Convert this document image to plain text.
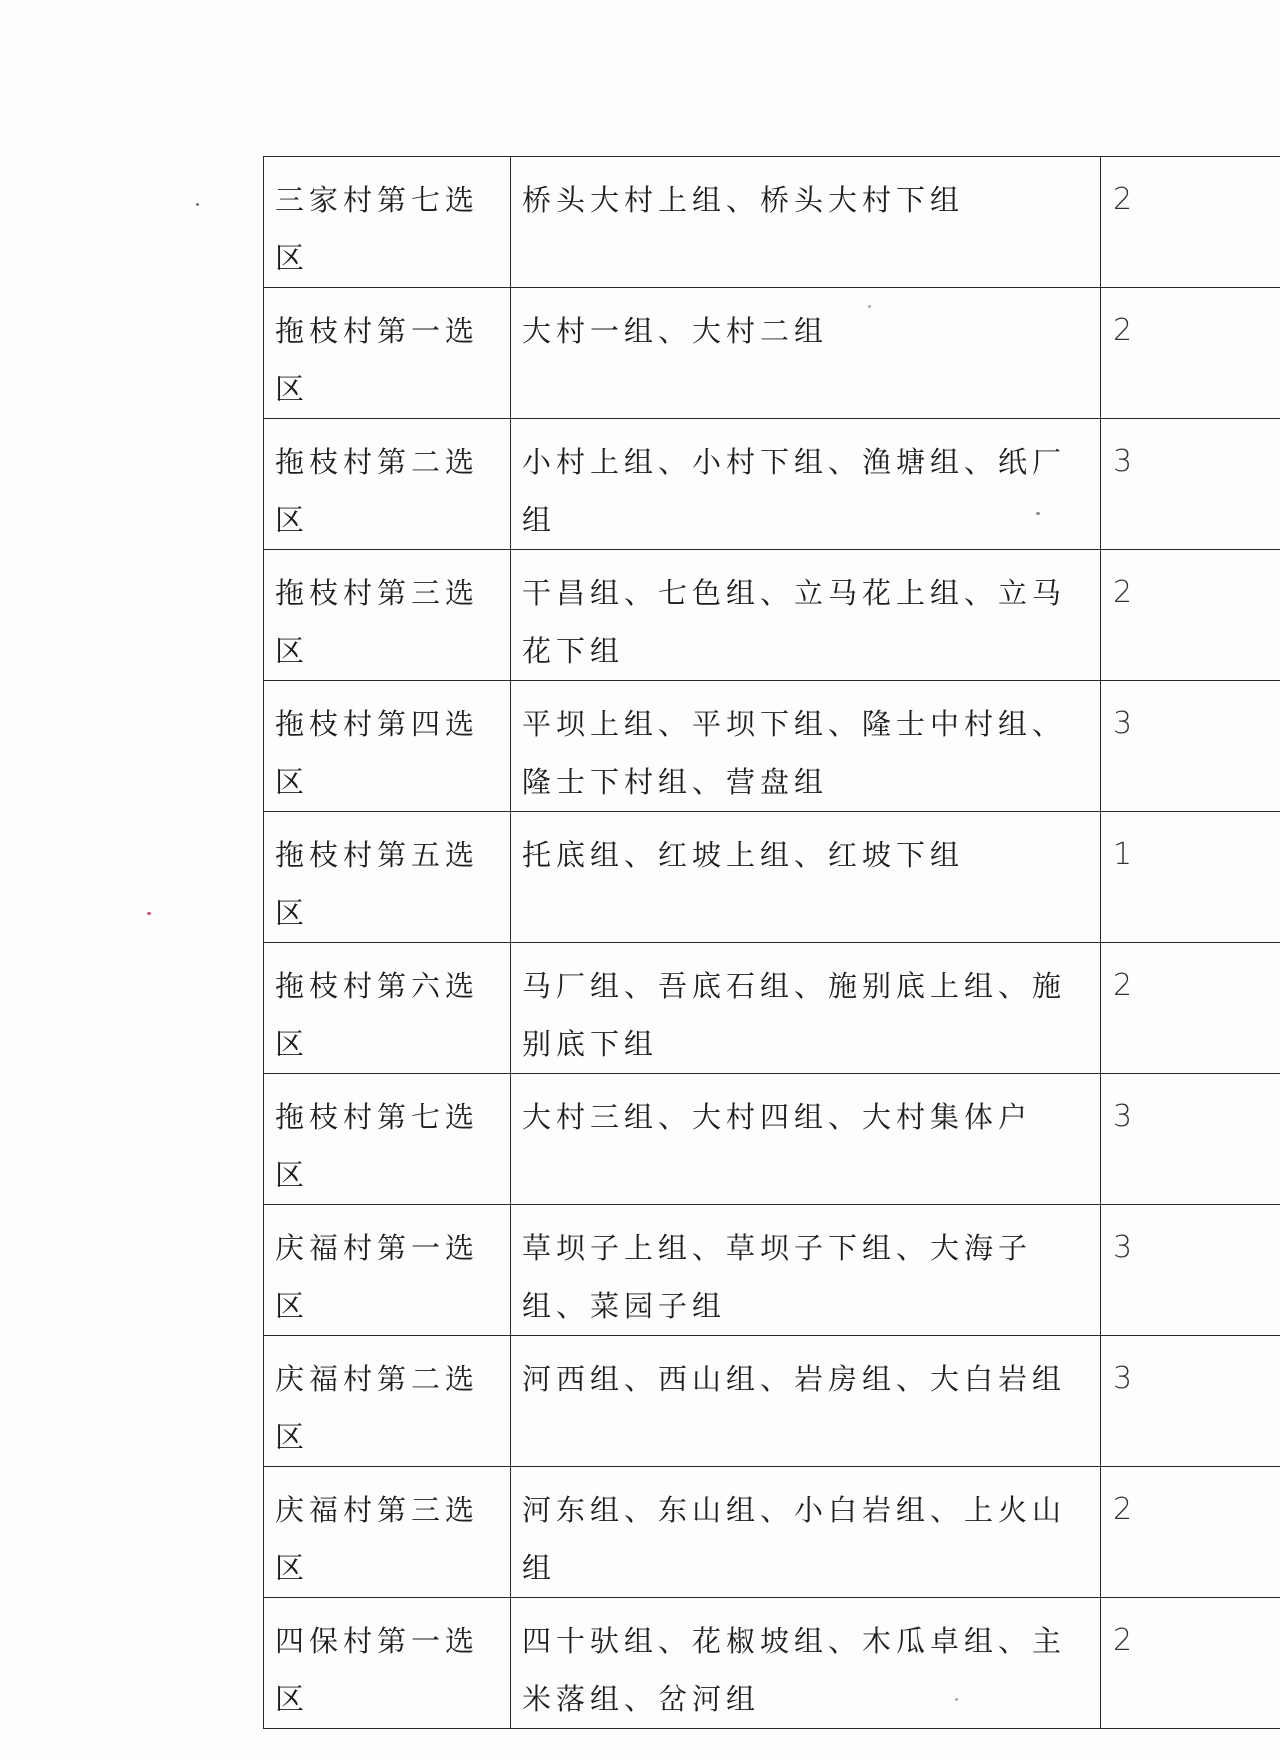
三家村第七选区	桥头大村上组、桥头大村下组	2
拖枝村第一选区	大村一组、大村二组	2
拖枝村第二选区	小村上组、小村下组、渔塘组、纸厂组	3
拖枝村第三选区	干昌组、七色组、立马花上组、立马花下组	2
拖枝村第四选区	平坝上组、平坝下组、隆士中村组、隆士下村组、营盘组	3
拖枝村第五选区	托底组、红坡上组、红坡下组	1
拖枝村第六选区	马厂组、吾底石组、施别底上组、施别底下组	2
拖枝村第七选区	大村三组、大村四组、大村集体户	3
庆福村第一选区	草坝子上组、草坝子下组、大海子组、菜园子组	3
庆福村第二选区	河西组、西山组、岩房组、大白岩组	3
庆福村第三选区	河东组、东山组、小白岩组、上火山组	2
四保村第一选区	四十驮组、花椒坡组、木瓜卓组、主米落组、岔河组	2
